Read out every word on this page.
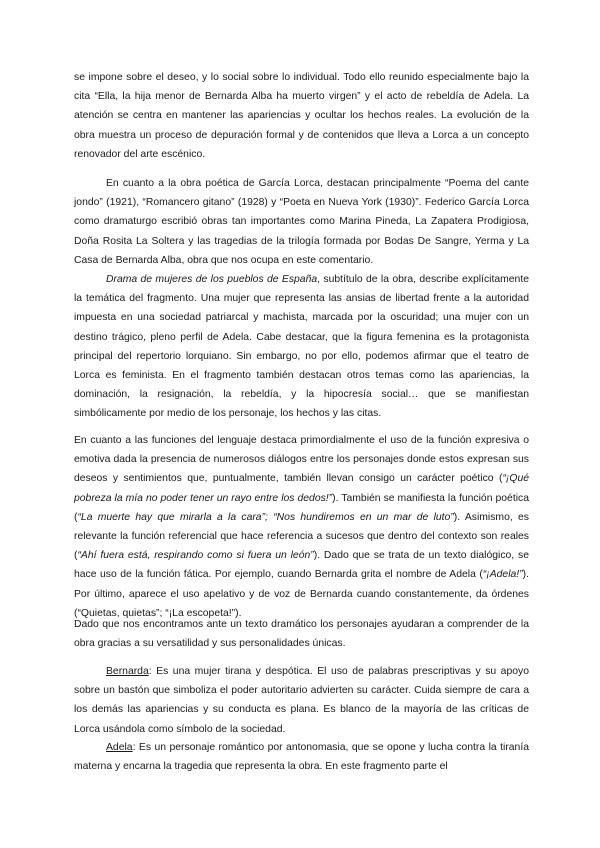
se impone sobre el deseo, y lo social sobre lo individual. Todo ello reunido especialmente bajo la cita “Ella, la hija menor de Bernarda Alba ha muerto virgen” y el acto de rebeldía de Adela. La atención se centra en mantener las apariencias y ocultar los hechos reales. La evolución de la obra muestra un proceso de depuración formal y de contenidos que lleva a Lorca a un concepto renovador del arte escénico.

En cuanto a la obra poética de García Lorca, destacan principalmente “Poema del cante jondo” (1921), “Romancero gitano” (1928) y “Poeta en Nueva York (1930)”. Federico García Lorca como dramaturgo escribió obras tan importantes como Marina Pineda, La Zapatera Prodigiosa, Doña Rosita La Soltera y las tragedias de la trilogía formada por Bodas De Sangre, Yerma y La Casa de Bernarda Alba, obra que nos ocupa en este comentario.

Drama de mujeres de los pueblos de España, subtítulo de la obra, describe explícitamente la temática del fragmento. Una mujer que representa las ansias de libertad frente a la autoridad impuesta en una sociedad patriarcal y machista, marcada por la oscuridad; una mujer con un destino trágico, pleno perfil de Adela. Cabe destacar, que la figura femenina es la protagonista principal del repertorio lorquiano. Sin embargo, no por ello, podemos afirmar que el teatro de Lorca es feminista. En el fragmento también destacan otros temas como las apariencias, la dominación, la resignación, la rebeldía, y la hipocresía social… que se manifiestan simbólicamente por medio de los personaje, los hechos y las citas.

En cuanto a las funciones del lenguaje destaca primordialmente el uso de la función expresiva o emotiva dada la presencia de numerosos diálogos entre los personajes donde estos expresan sus deseos y sentimientos que, puntualmente, también llevan consigo un carácter poético (“¡Qué pobreza la mía no poder tener un rayo entre los dedos!”). También se manifiesta la función poética (“La muerte hay que mirarla a la cara”; “Nos hundiremos en un mar de luto”). Asimismo, es relevante la función referencial que hace referencia a sucesos que dentro del contexto son reales (“Ahí fuera está, respirando como si fuera un león”). Dado que se trata de un texto dialógico, se hace uso de la función fática. Por ejemplo, cuando Bernarda grita el nombre de Adela (“¡Adela!”). Por último, aparece el uso apelativo y de voz de Bernarda cuando constantemente, da órdenes (“Quietas, quietas”; “¡La escopeta!”).

Dado que nos encontramos ante un texto dramático los personajes ayudaran a comprender de la obra gracias a su versatilidad y sus personalidades únicas.

Bernarda: Es una mujer tirana y despótica. El uso de palabras prescriptivas y su apoyo sobre un bastón que simboliza el poder autoritario advierten su carácter. Cuida siempre de cara a los demás las apariencias y su conducta es plana. Es blanco de la mayoría de las críticas de Lorca usándola como símbolo de la sociedad.

Adela: Es un personaje romántico por antonomasia, que se opone y lucha contra la tiranía materna y encarna la tragedia que representa la obra. En este fragmento parte el
